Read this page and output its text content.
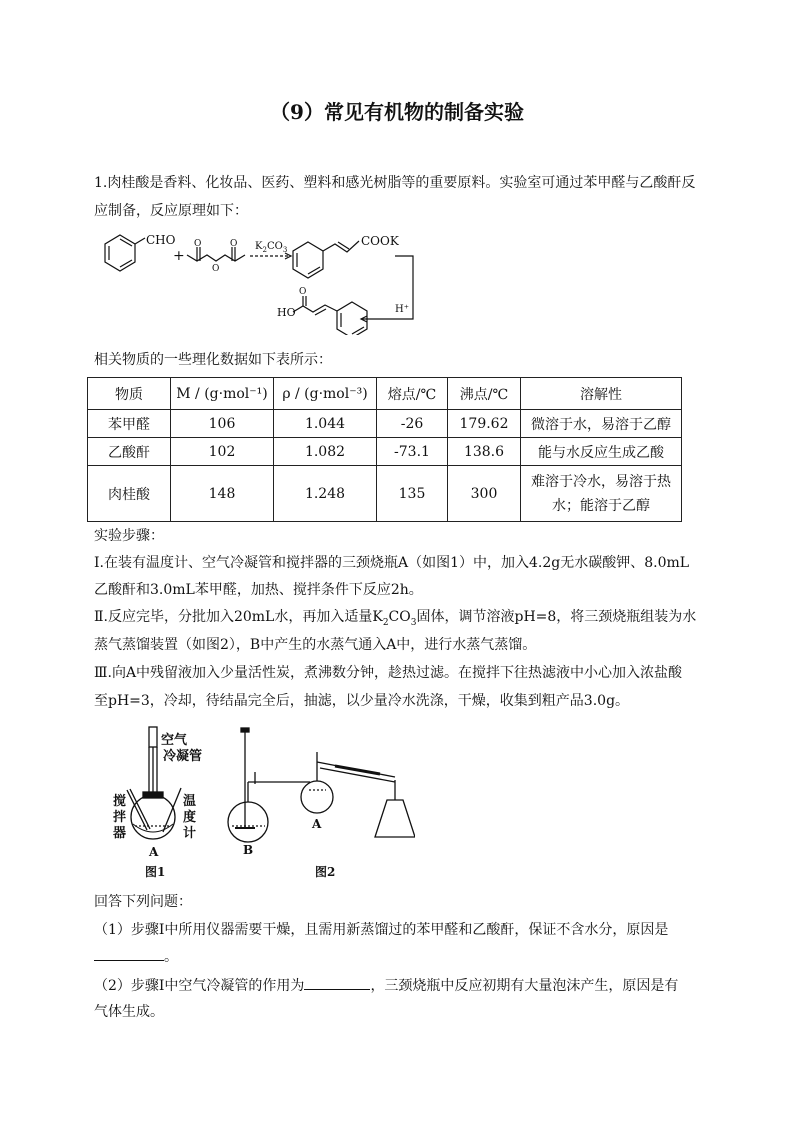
（9）常见有机物的制备实验
1.肉桂酸是香料、化妆品、医药、塑料和感光树脂等的重要原料。实验室可通过苯甲醛与乙酸酐反
应制备，反应原理如下：
CHO
+
O	O
O
$K_2CO_3$
COOK
H⁺
HO
O
相关物质的一些理化数据如下表所示：
物质	M / (g·mol⁻¹)	ρ / (g·mol⁻³)	熔点/℃	沸点/℃	溶解性
苯甲醛	106	1.044	-26	179.62	微溶于水，易溶于乙醇
乙酸酐	102	1.082	-73.1	138.6	能与水反应生成乙酸
肉桂酸	148	1.248	135	300	难溶于冷水，易溶于热
水；能溶于乙醇
实验步骤：
Ⅰ.在装有温度计、空气冷凝管和搅拌器的三颈烧瓶A（如图1）中，加入4.2g无水碳酸钾、8.0mL
乙酸酐和3.0mL苯甲醛，加热、搅拌条件下反应2h。
Ⅱ.反应完毕，分批加入20mL水，再加入适量$K_2CO_3$固体，调节溶液pH=8，将三颈烧瓶组装为水
蒸气蒸馏装置（如图2），B中产生的水蒸气通入A中，进行水蒸气蒸馏。
Ⅲ.向A中残留液加入少量活性炭，煮沸数分钟，趁热过滤。在搅拌下往热滤液中小心加入浓盐酸
至pH=3，冷却，待结晶完全后，抽滤，以少量冷水洗涤，干燥，收集到粗产品3.0g。
空气
冷凝管
搅
拌
器
温
度
计
A
图1
B
A
图2
回答下列问题：
（1）步骤Ⅰ中所用仪器需要干燥，且需用新蒸馏过的苯甲醛和乙酸酐，保证不含水分，原因是
。
（2）步骤Ⅰ中空气冷凝管的作用为	，三颈烧瓶中反应初期有大量泡沫产生，原因是有
气体生成。
